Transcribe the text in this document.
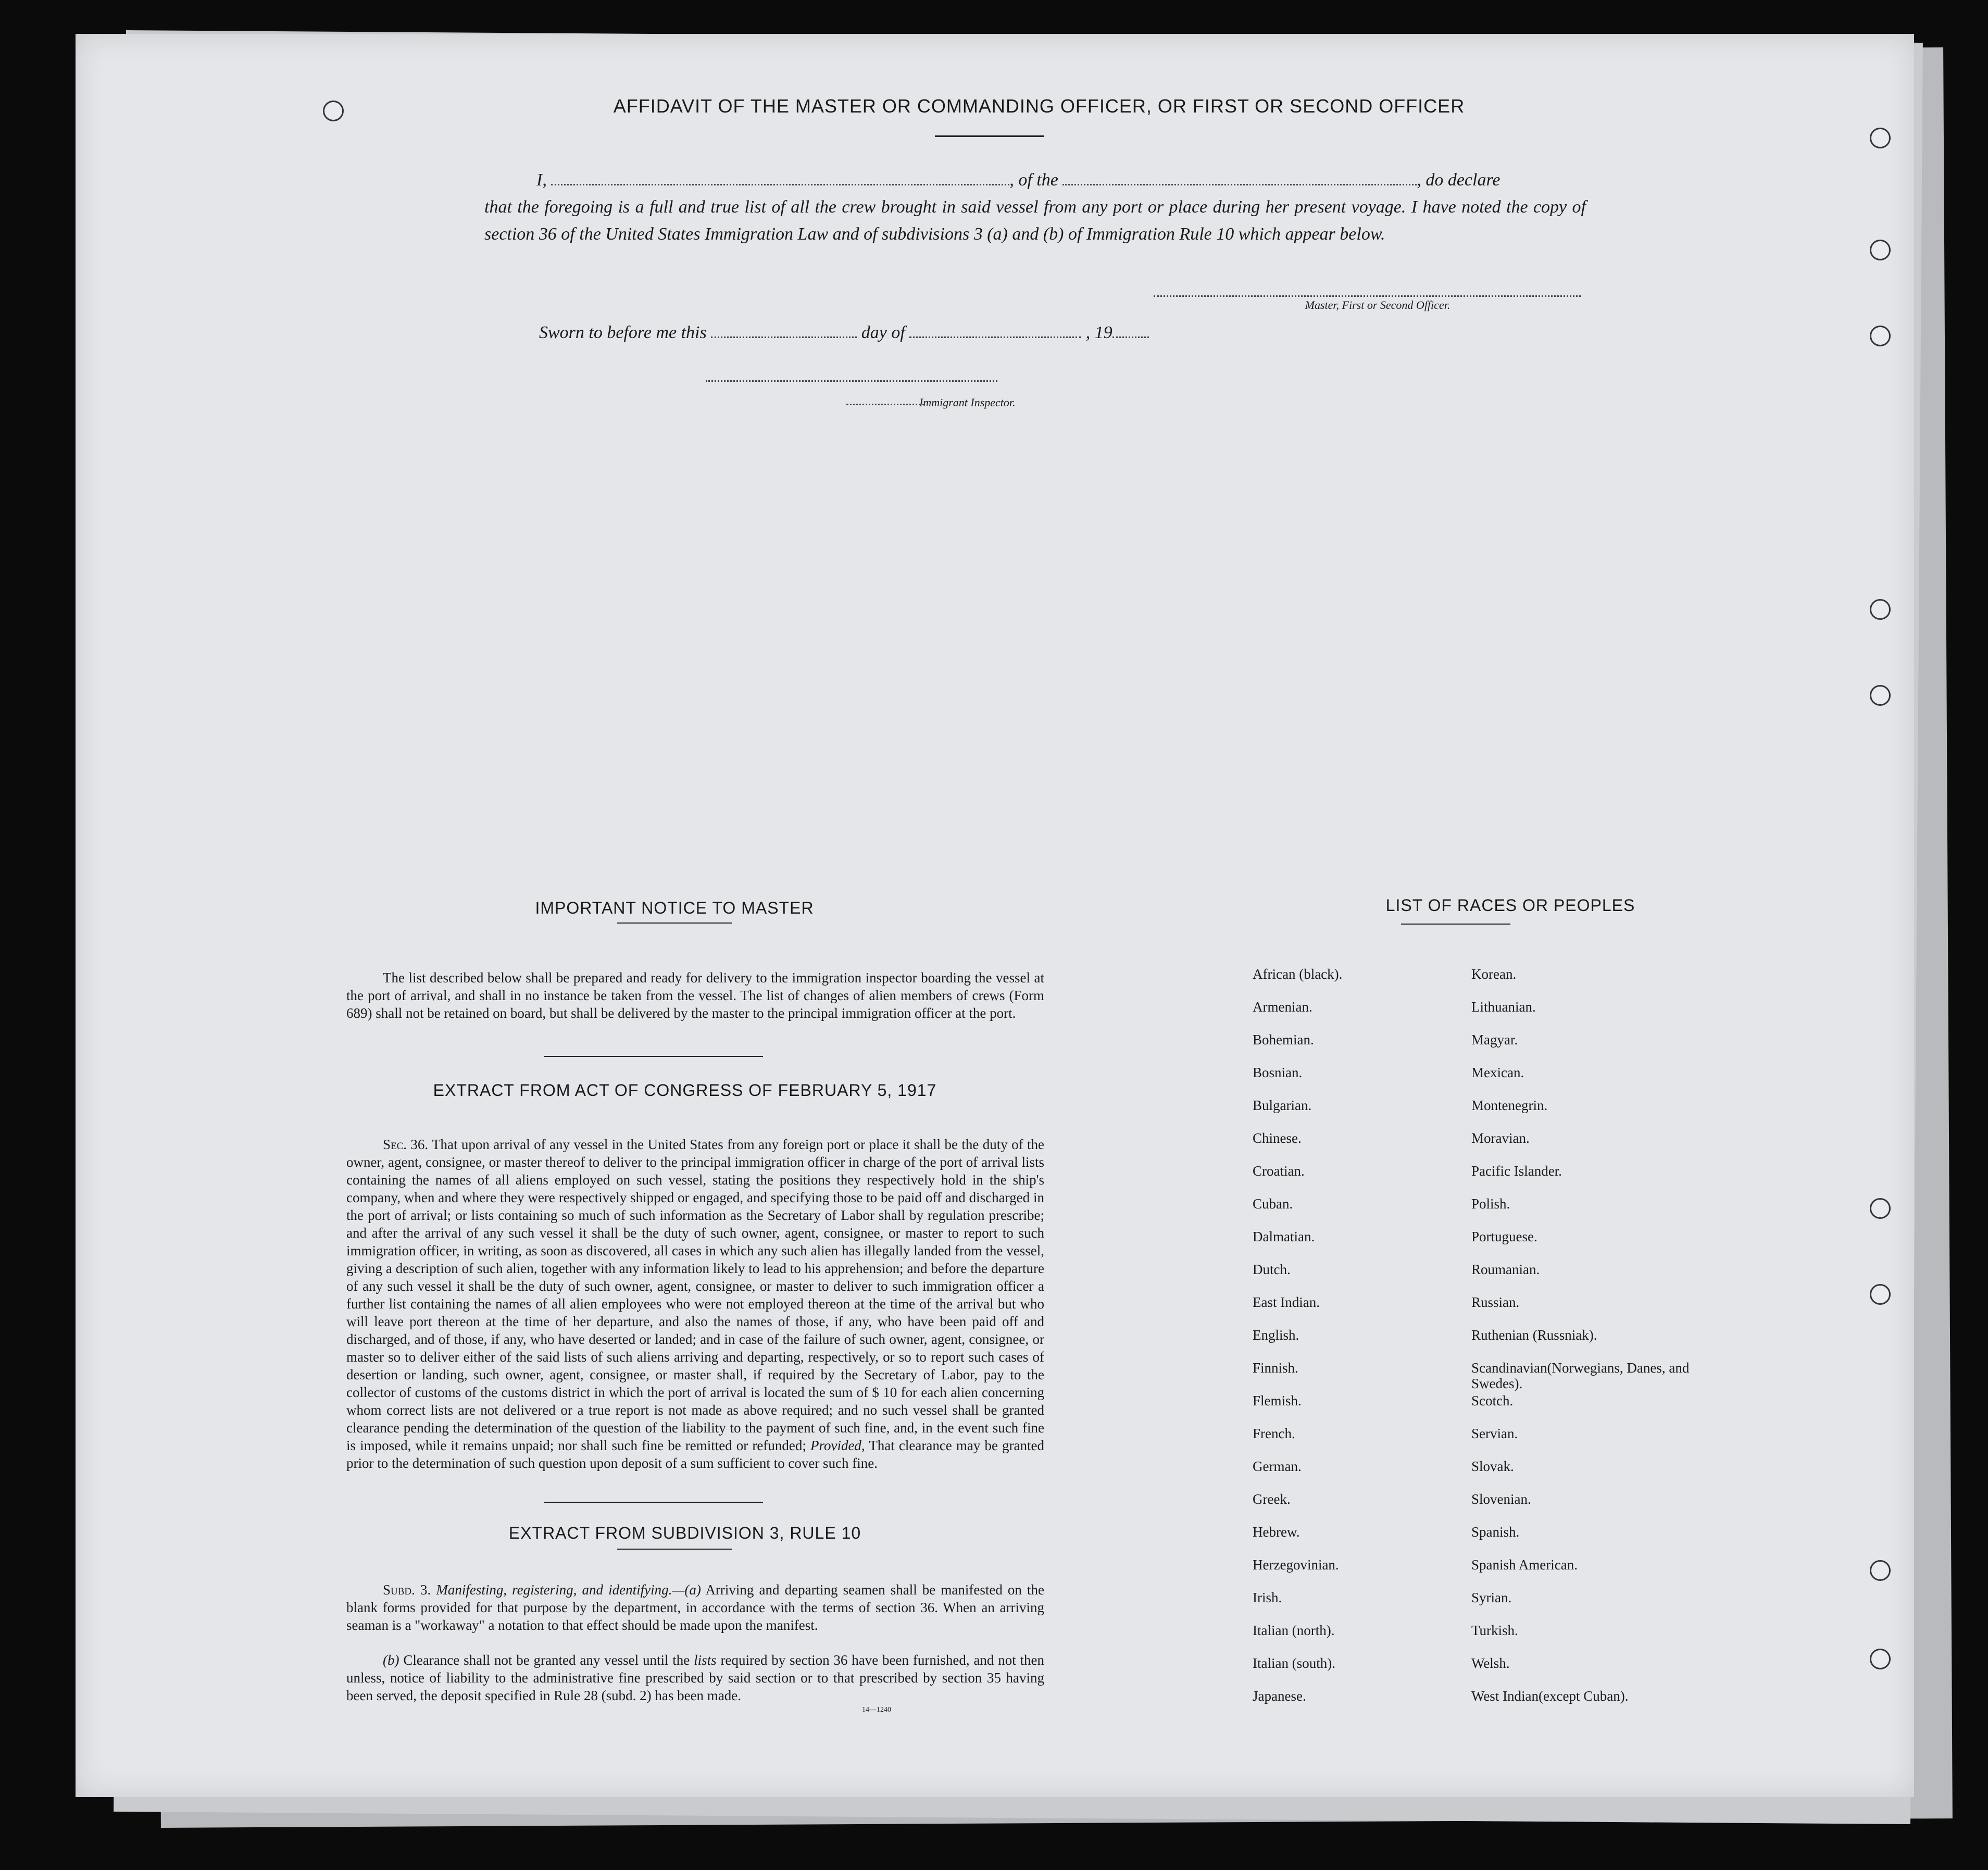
AFFIDAVIT OF THE MASTER OR COMMANDING OFFICER, OR FIRST OR SECOND OFFICER
I,	, of the	, do declare
that the foregoing is a full and true list of all the crew brought in said vessel from any port or place during her present voyage. I have noted the copy of section 36 of the United States Immigration Law and of subdivisions 3 (a) and (b) of Immigration Rule 10 which appear below.
Master, First or Second Officer.
Sworn to before me this	day of	, 19
Immigrant Inspector.
IMPORTANT NOTICE TO MASTER
The list described below shall be prepared and ready for delivery to the immigration inspector boarding the vessel at the port of arrival, and shall in no instance be taken from the vessel. The list of changes of alien members of crews (Form 689) shall not be retained on board, but shall be delivered by the master to the principal immigration officer at the port.
EXTRACT FROM ACT OF CONGRESS OF FEBRUARY 5, 1917
Sec. 36. That upon arrival of any vessel in the United States from any foreign port or place it shall be the duty of the owner, agent, consignee, or master thereof to deliver to the principal immigration officer in charge of the port of arrival lists containing the names of all aliens employed on such vessel, stating the positions they respectively hold in the ship's company, when and where they were respectively shipped or engaged, and specifying those to be paid off and discharged in the port of arrival; or lists containing so much of such information as the Secretary of Labor shall by regulation prescribe; and after the arrival of any such vessel it shall be the duty of such owner, agent, consignee, or master to report to such immigration officer, in writing, as soon as discovered, all cases in which any such alien has illegally landed from the vessel, giving a description of such alien, together with any information likely to lead to his apprehension; and before the departure of any such vessel it shall be the duty of such owner, agent, consignee, or master to deliver to such immigration officer a further list containing the names of all alien employees who were not employed thereon at the time of the arrival but who will leave port thereon at the time of her departure, and also the names of those, if any, who have been paid off and discharged, and of those, if any, who have deserted or landed; and in case of the failure of such owner, agent, consignee, or master so to deliver either of the said lists of such aliens arriving and departing, respectively, or so to report such cases of desertion or landing, such owner, agent, consignee, or master shall, if required by the Secretary of Labor, pay to the collector of customs of the customs district in which the port of arrival is located the sum of $ 10 for each alien concerning whom correct lists are not delivered or a true report is not made as above required; and no such vessel shall be granted clearance pending the determination of the question of the liability to the payment of such fine, and, in the event such fine is imposed, while it remains unpaid; nor shall such fine be remitted or refunded; Provided, That clearance may be granted prior to the determination of such question upon deposit of a sum sufficient to cover such fine.
EXTRACT FROM SUBDIVISION 3, RULE 10
Subd. 3. Manifesting, registering, and identifying.—(a) Arriving and departing seamen shall be manifested on the blank forms provided for that purpose by the department, in accordance with the terms of section 36. When an arriving seaman is a "workaway" a notation to that effect should be made upon the manifest.
(b) Clearance shall not be granted any vessel until the lists required by section 36 have been furnished, and not then unless, notice of liability to the administrative fine prescribed by said section or to that prescribed by section 35 having been served, the deposit specified in Rule 28 (subd. 2) has been made.
14—1240
LIST OF RACES OR PEOPLES
African (black).
Armenian.
Bohemian.
Bosnian.
Bulgarian.
Chinese.
Croatian.
Cuban.
Dalmatian.
Dutch.
East Indian.
English.
Finnish.
Flemish.
French.
German.
Greek.
Hebrew.
Herzegovinian.
Irish.
Italian (north).
Italian (south).
Japanese.
Korean.
Lithuanian.
Magyar.
Mexican.
Montenegrin.
Moravian.
Pacific Islander.
Polish.
Portuguese.
Roumanian.
Russian.
Ruthenian (Russniak).
Scandinavian(Norwegians, Danes, and Swedes).
Scotch.
Servian.
Slovak.
Slovenian.
Spanish.
Spanish American.
Syrian.
Turkish.
Welsh.
West Indian(except Cuban).
